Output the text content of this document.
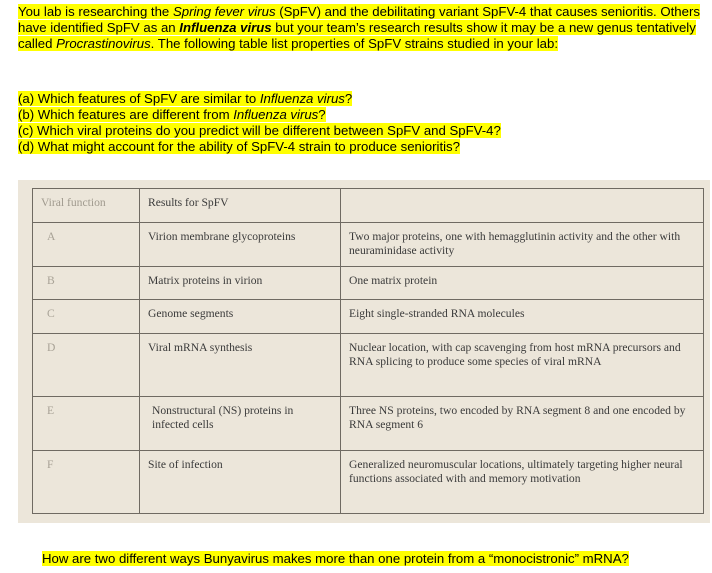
You lab is researching the Spring fever virus (SpFV) and the debilitating variant SpFV-4 that causes senioritis. Others have identified SpFV as an Influenza virus but your team’s research results show it may be a new genus tentatively called Procrastinovirus. The following table list properties of SpFV strains studied in your lab:
(a) Which features of SpFV are similar to Influenza virus?
(b) Which features are different from Influenza virus?
(c) Which viral proteins do you predict will be different between SpFV and SpFV-4?
(d) What might account for the ability of SpFV-4 strain to produce senioritis?
Viral function	Results for SpFV	
A	Virion membrane glycoproteins	Two major proteins, one with hemagglutinin activity and the other with neuraminidase activity
B	Matrix proteins in virion	One matrix protein
C	Genome segments	Eight single-stranded RNA molecules
D	Viral mRNA synthesis	Nuclear location, with cap scavenging from host mRNA precursors and RNA splicing to produce some species of viral mRNA
E	Nonstructural (NS) proteins in infected cells	Three NS proteins, two encoded by RNA segment 8 and one encoded by RNA segment 6
F	Site of infection	Generalized neuromuscular locations, ultimately targeting higher neural functions associated with and memory motivation
How are two different ways Bunyavirus makes more than one protein from a “monocistronic” mRNA?
